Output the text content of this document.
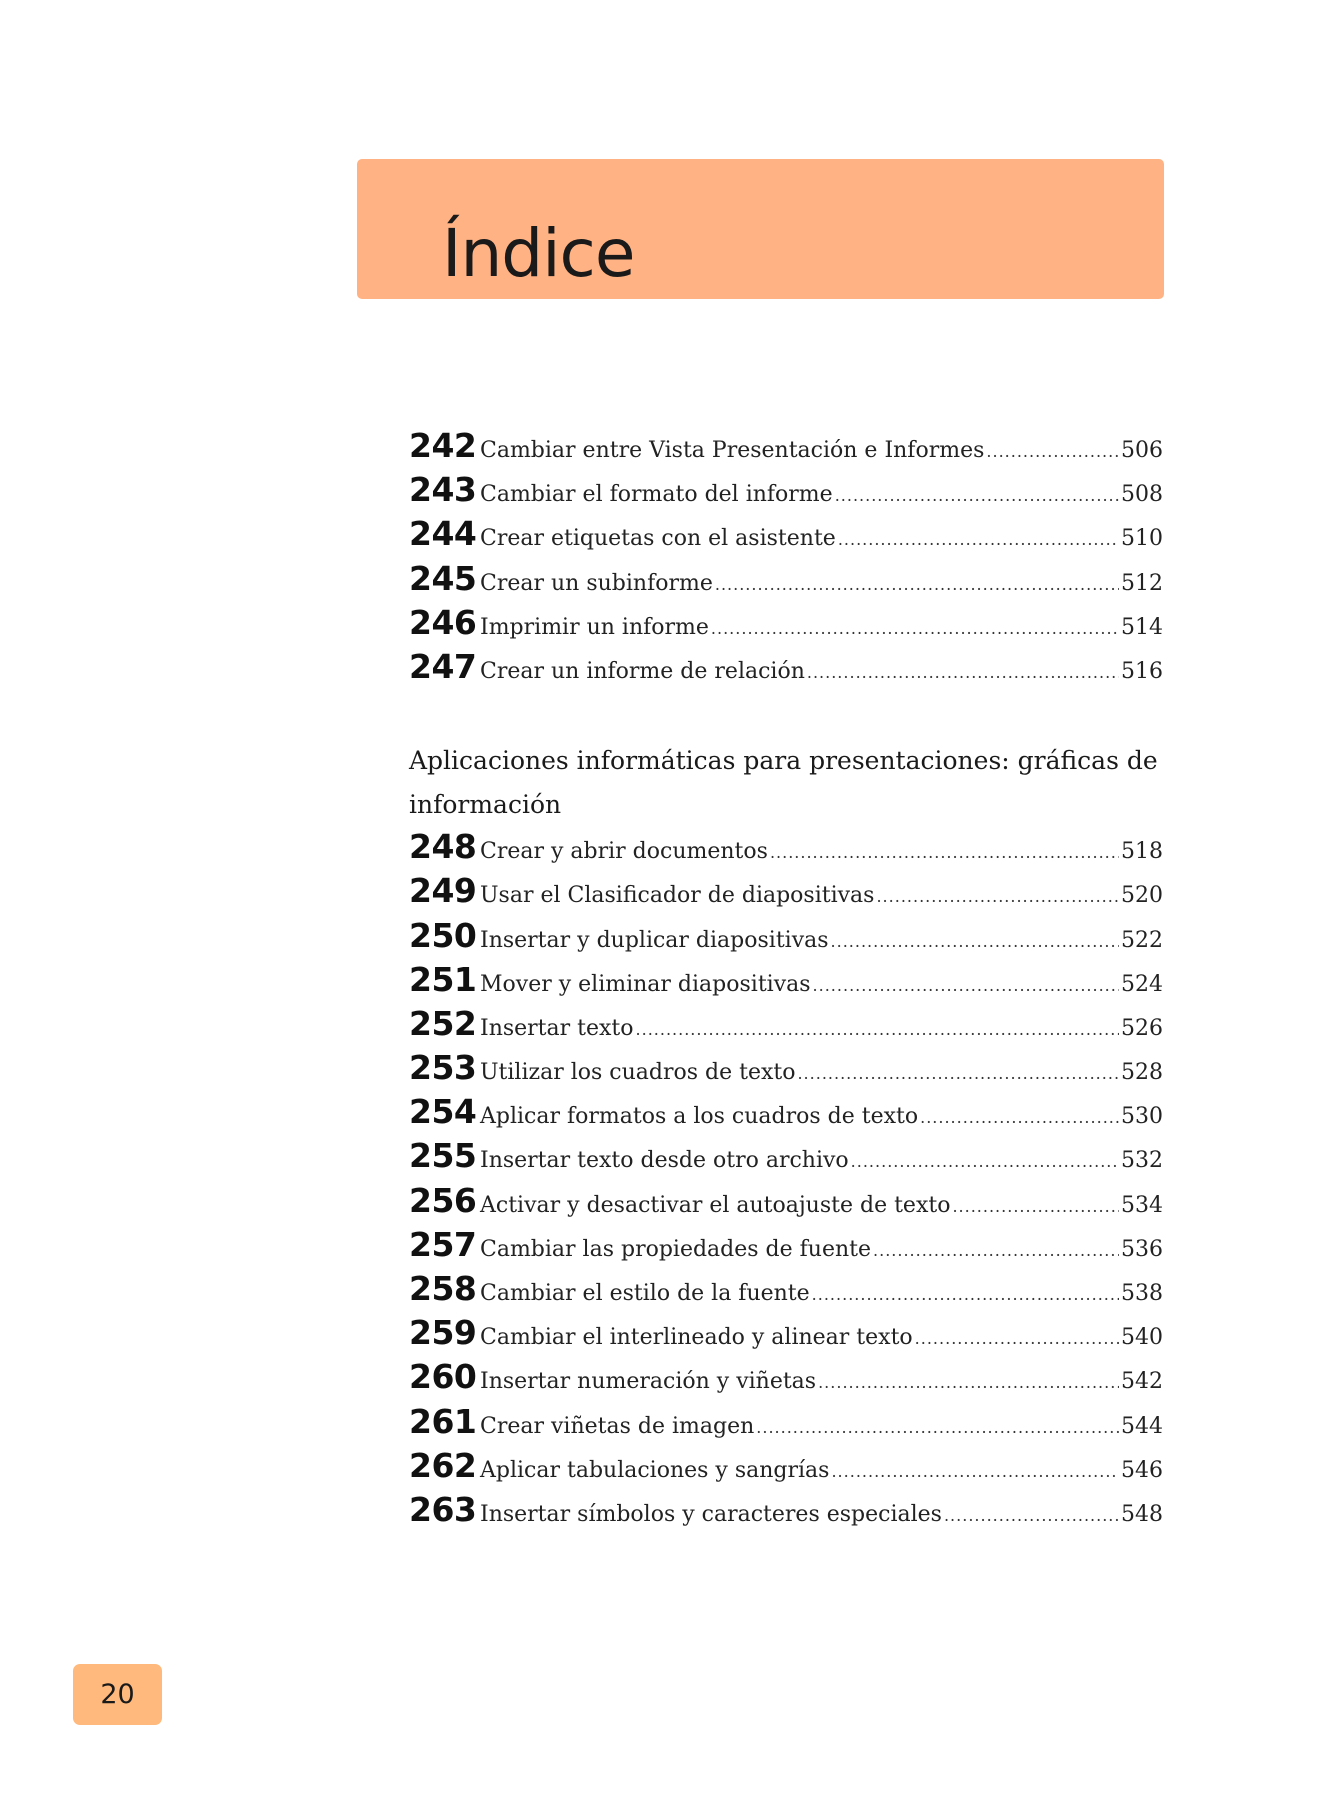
Índice
242 Cambiar entre Vista Presentación e Informes .....	506
243 Cambiar el formato del informe .....	508
244 Crear etiquetas con el asistente .....	510
245 Crear un subinforme .....	512
246 Imprimir un informe .....	514
247 Crear un informe de relación .....	516
Aplicaciones informáticas para presentaciones: gráficas de información
248 Crear y abrir documentos .....	518
249 Usar el Clasificador de diapositivas .....	520
250 Insertar y duplicar diapositivas .....	522
251 Mover y eliminar diapositivas .....	524
252 Insertar texto .....	526
253 Utilizar los cuadros de texto .....	528
254 Aplicar formatos a los cuadros de texto .....	530
255 Insertar texto desde otro archivo .....	532
256 Activar y desactivar el autoajuste de texto .....	534
257 Cambiar las propiedades de fuente .....	536
258 Cambiar el estilo de la fuente .....	538
259 Cambiar el interlineado y alinear texto .....	540
260 Insertar numeración y viñetas .....	542
261 Crear viñetas de imagen .....	544
262 Aplicar tabulaciones y sangrías .....	546
263 Insertar símbolos y caracteres especiales .....	548
20
